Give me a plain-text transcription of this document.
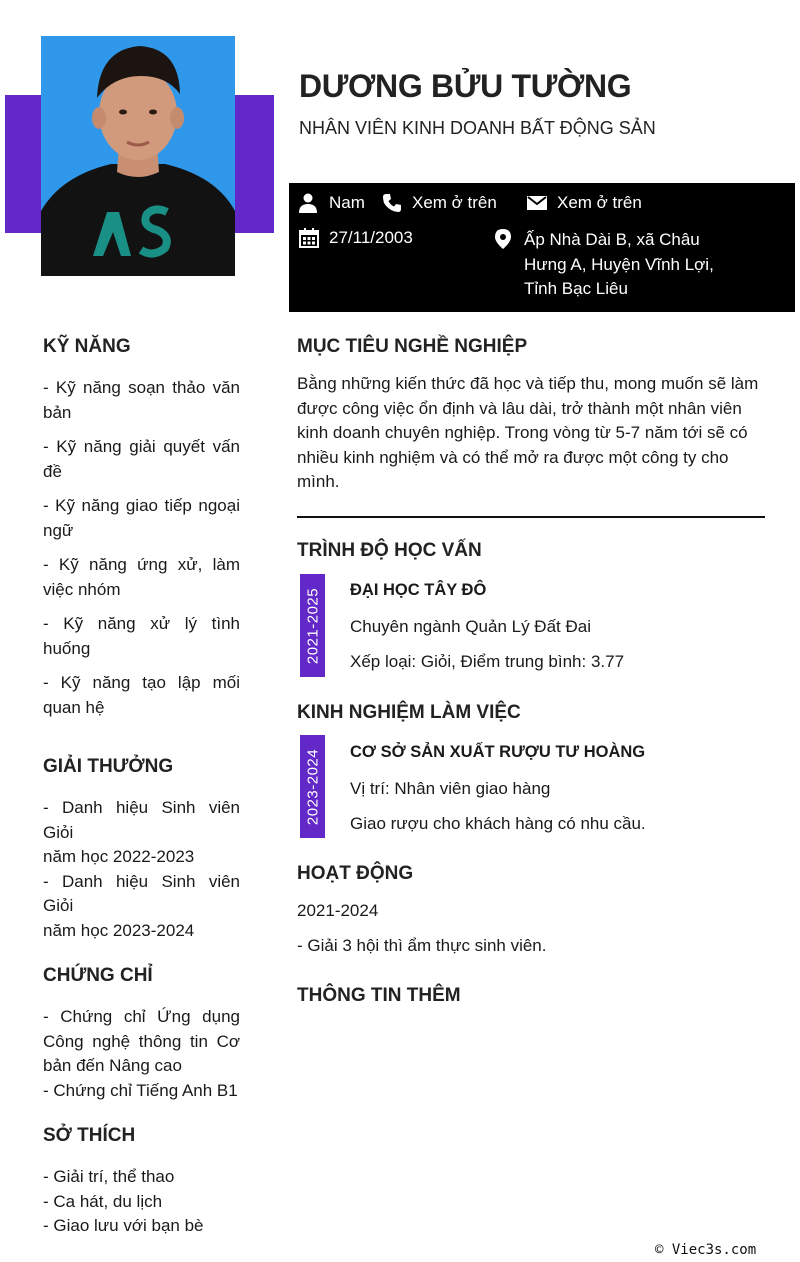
DƯƠNG BỬU TƯỜNG
NHÂN VIÊN KINH DOANH BẤT ĐỘNG SẢN
Nam	Xem ở trên	Xem ở trên
27/11/2003	Ấp Nhà Dài B, xã Châu
Hưng A, Huyện Vĩnh Lợi,
Tỉnh Bạc Liêu
KỸ NĂNG
- Kỹ năng soạn thảo văn
bản
- Kỹ năng giải quyết vấn
đề
- Kỹ năng giao tiếp ngoại
ngữ
- Kỹ năng ứng xử, làm
việc nhóm
- Kỹ năng xử lý tình
huống
- Kỹ năng tạo lập mối
quan hệ
GIẢI THƯỞNG
- Danh hiệu Sinh viên Giỏi
năm học 2022-2023
- Danh hiệu Sinh viên Giỏi
năm học 2023-2024
CHỨNG CHỈ
- Chứng chỉ Ứng dụng
Công nghệ thông tin Cơ
bản đến Nâng cao
- Chứng chỉ Tiếng Anh B1
SỞ THÍCH
- Giải trí, thể thao
- Ca hát, du lịch
- Giao lưu với bạn bè
MỤC TIÊU NGHỀ NGHIỆP
Bằng những kiến thức đã học và tiếp thu, mong muốn sẽ làm
được công việc ổn định và lâu dài, trở thành một nhân viên
kinh doanh chuyên nghiệp. Trong vòng từ 5-7 năm tới sẽ có
nhiều kinh nghiệm và có thể mở ra được một công ty cho
mình.
TRÌNH ĐỘ HỌC VẤN
2021-2025 ĐẠI HỌC TÂY ĐÔ
Chuyên ngành Quản Lý Đất Đai
Xếp loại: Giỏi, Điểm trung bình: 3.77
KINH NGHIỆM LÀM VIỆC
2023-2024 CƠ SỞ SẢN XUẤT RƯỢU TƯ HOÀNG
Vị trí: Nhân viên giao hàng
Giao rượu cho khách hàng có nhu cầu.
HOẠT ĐỘNG
2021-2024
- Giải 3 hội thì ẩm thực sinh viên.
THÔNG TIN THÊM
© Viec3s.com
